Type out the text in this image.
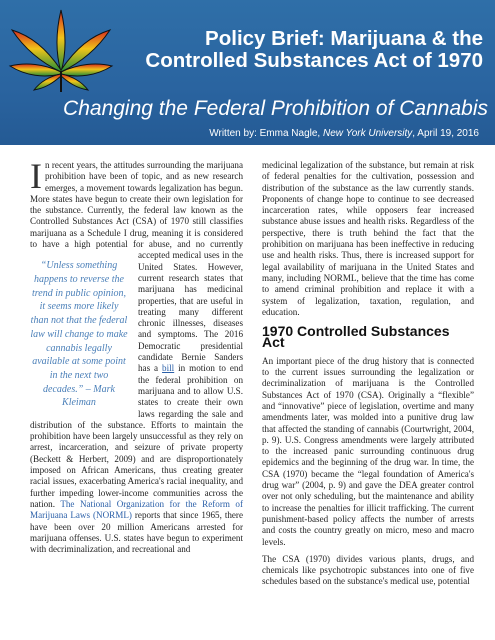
Policy Brief: Marijuana & the Controlled Substances Act of 1970
Changing the Federal Prohibition of Cannabis
Written by: Emma Nagle, New York University, April 19, 2016

In recent years, the attitudes surrounding the marijuana prohibition have been of topic, and as new research emerges, a movement towards legalization has begun. More states have begun to create their own legislation for the substance. Currently, the federal law known as the Controlled Substances Act (CSA) of 1970 still classifies marijuana as a Schedule I drug, meaning it is considered to have a high potential for abuse, and no currently
“Unless something happens to reverse the trend in public opinion, it seems more likely than not that the federal law will change to make cannabis legally available at some point in the next two decades.” – Mark Kleiman
accepted medical uses in the United States. However, current research states that marijuana has medicinal properties, that are useful in treating many different chronic illnesses, diseases and symptoms. The 2016 Democratic presidential candidate Bernie Sanders has a bill in motion to end the federal prohibition on marijuana and to allow U.S. states to create their own laws regarding the sale and distribution of the substance. Efforts to maintain the prohibition have been largely unsuccessful as they rely on arrest, incarceration, and seizure of private property (Beckett & Herbert, 2009) and are disproportionately imposed on African Americans, thus creating greater racial issues, exacerbating America's racial inequality, and further impeding lower-income communities across the nation. The National Organization for the Reform of Marijuana Laws (NORML) reports that since 1965, there have been over 20 million Americans arrested for marijuana offenses. U.S. states have begun to experiment with decriminalization, and recreational and

medicinal legalization of the substance, but remain at risk of federal penalties for the cultivation, possession and distribution of the substance as the law currently stands. Proponents of change hope to continue to see decreased incarceration rates, while opposers fear increased substance abuse issues and health risks. Regardless of the perspective, there is truth behind the fact that the prohibition on marijuana has been ineffective in reducing use and health risks. Thus, there is increased support for legal availability of marijuana in the United States and many, including NORML, believe that the time has come to amend criminal prohibition and replace it with a system of legalization, taxation, regulation, and education.

1970 Controlled Substances Act

An important piece of the drug history that is connected to the current issues surrounding the legalization or decriminalization of marijuana is the Controlled Substances Act of 1970 (CSA). Originally a “flexible” and “innovative” piece of legislation, overtime and many amendments later, was molded into a punitive drug law that affected the standing of cannabis (Courtwright, 2004, p. 9). U.S. Congress amendments were largely attributed to the increased panic surrounding continuous drug epidemics and the beginning of the drug war. In time, the CSA (1970) became the “legal foundation of America's drug war” (2004, p. 9) and gave the DEA greater control over not only scheduling, but the maintenance and ability to increase the penalties for illicit trafficking. The current punishment-based policy affects the number of arrests and costs the country greatly on micro, meso and macro levels.

The CSA (1970) divides various plants, drugs, and chemicals like psychotropic substances into one of five schedules based on the substance's medical use, potential
